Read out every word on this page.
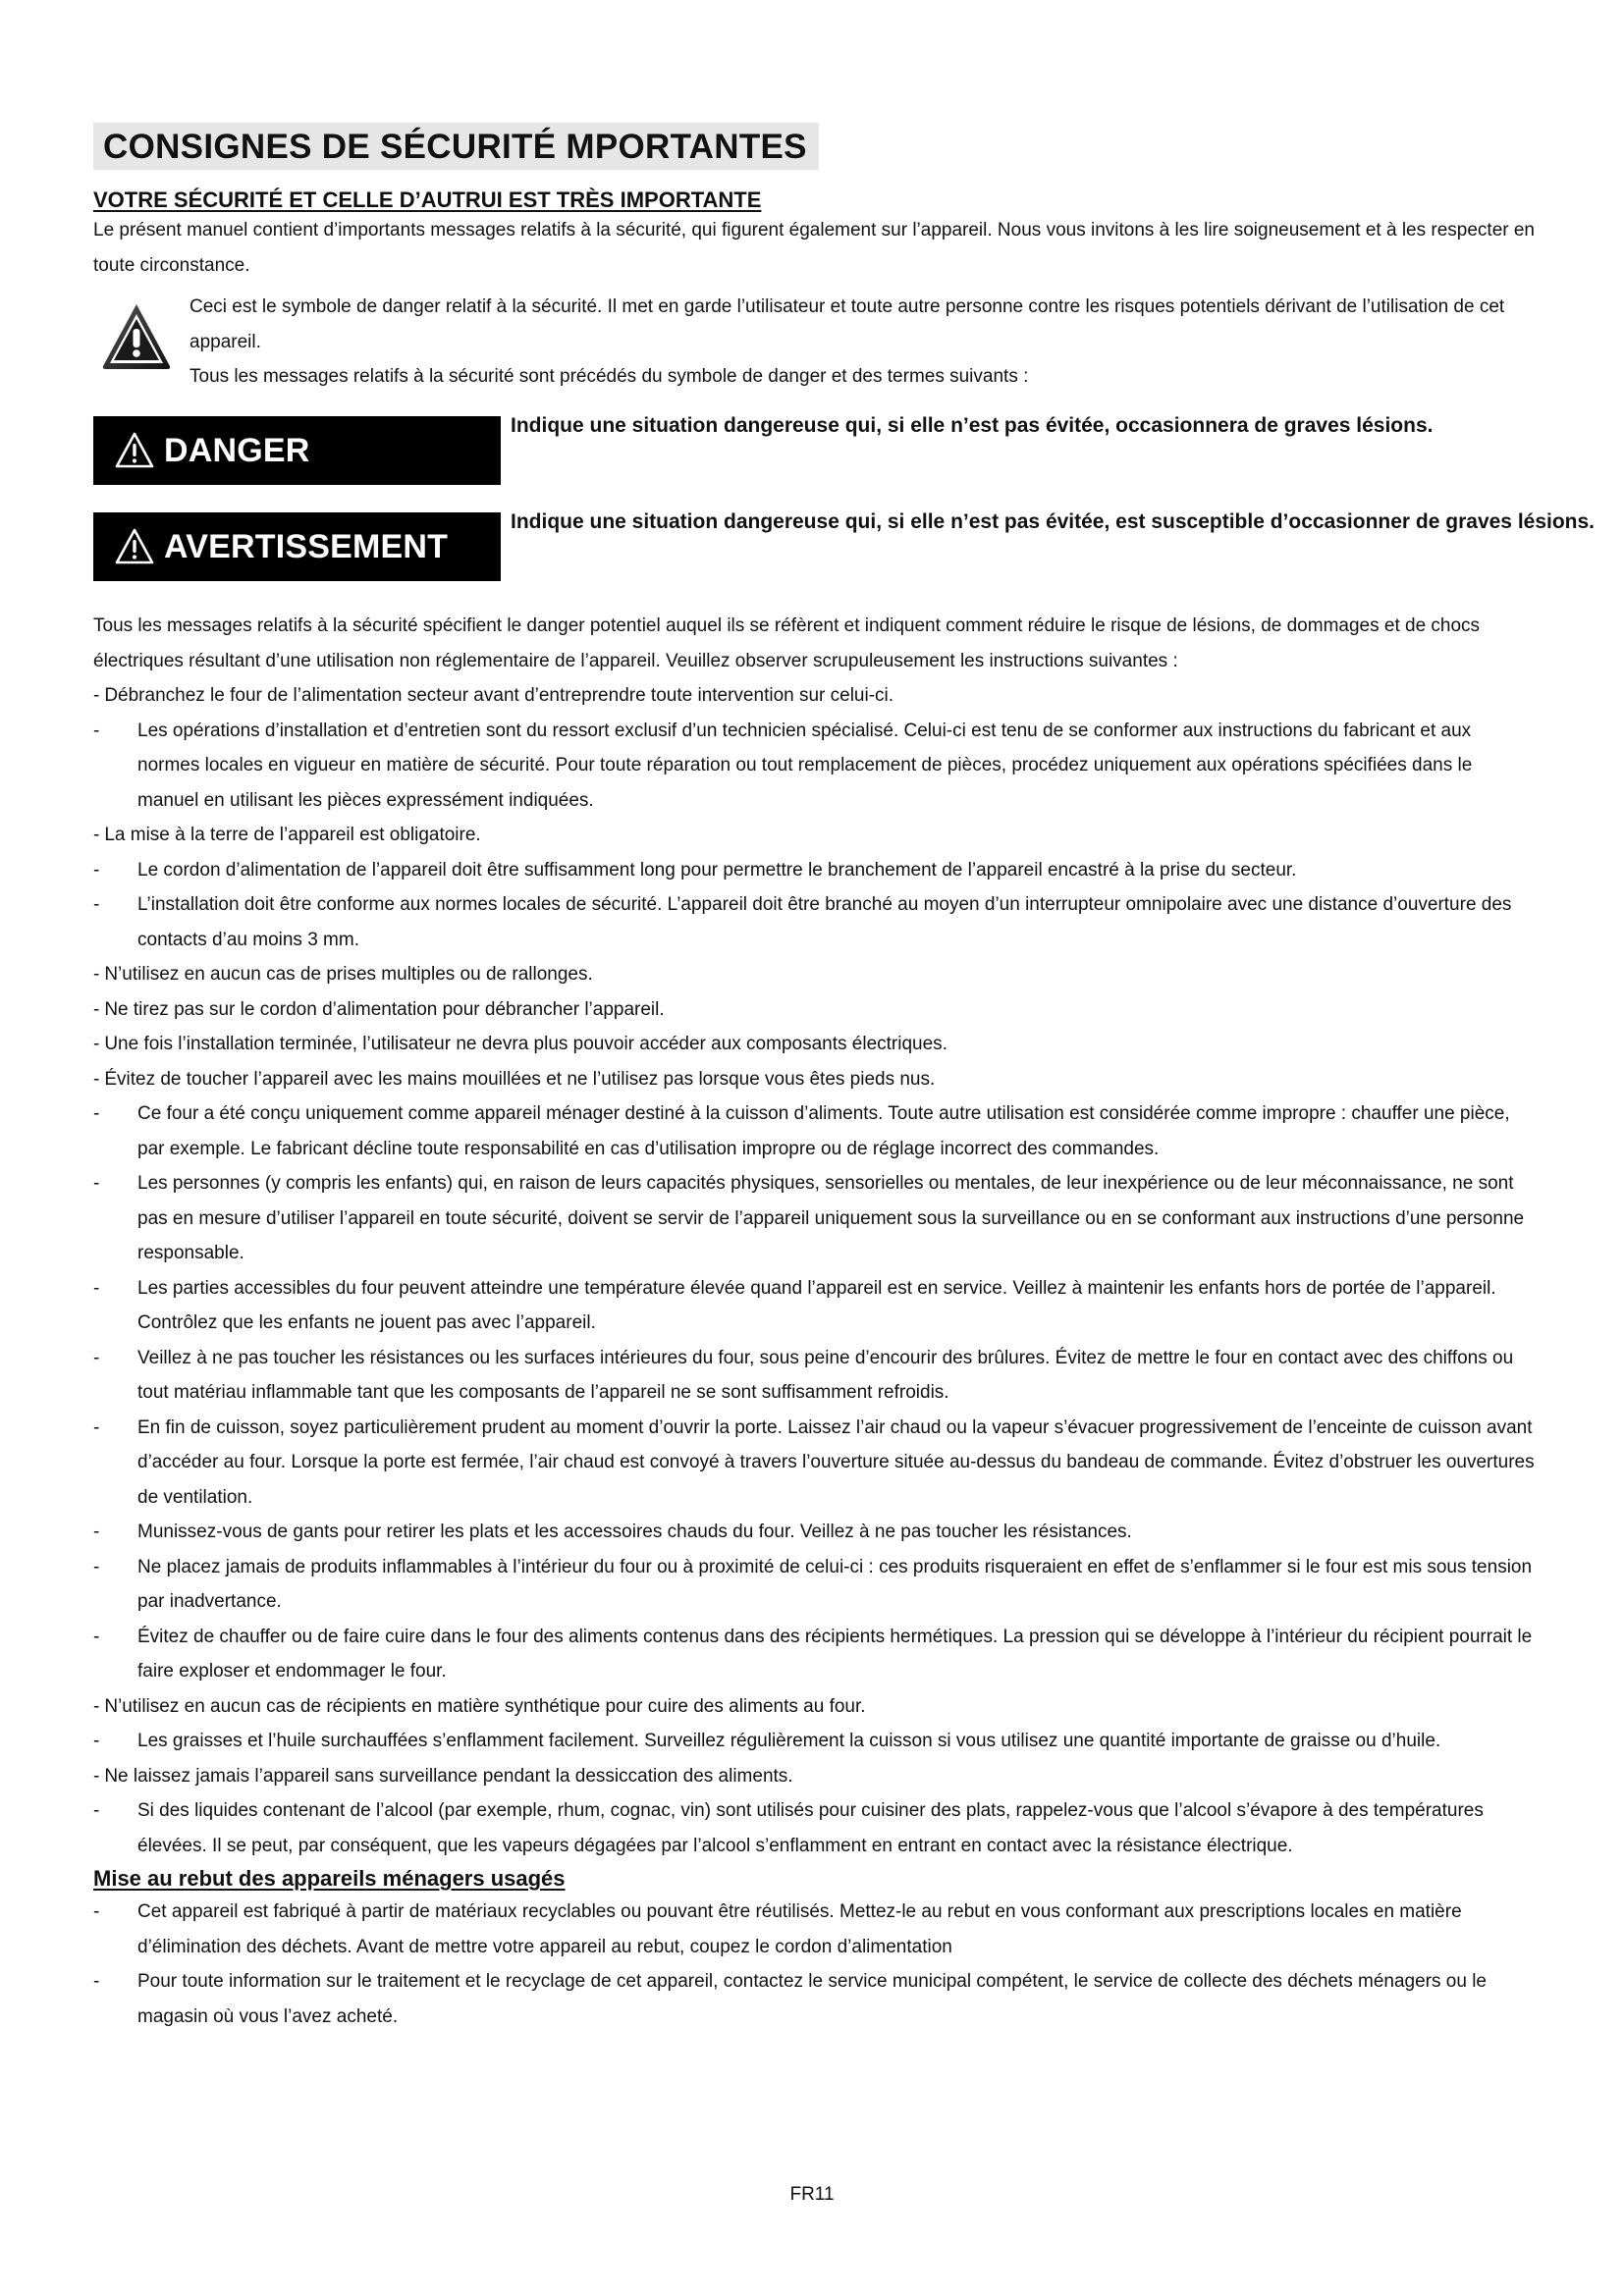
CONSIGNES DE SÉCURITÉ MPORTANTES
VOTRE SÉCURITÉ ET CELLE D’AUTRUI EST TRÈS IMPORTANTE

Le présent manuel contient d’importants messages relatifs à la sécurité, qui figurent également sur l’appareil. Nous vous invitons à les lire soigneusement et à les respecter en toute circonstance.

Ceci est le symbole de danger relatif à la sécurité. Il met en garde l’utilisateur et toute autre personne contre les risques potentiels dérivant de l’utilisation de cet appareil.

Tous les messages relatifs à la sécurité sont précédés du symbole de danger et des termes suivants :

DANGER
Indique une situation dangereuse qui, si elle n’est pas évitée, occasionnera de graves lésions.
AVERTISSEMENT
Indique une situation dangereuse qui, si elle n’est pas évitée, est susceptible d’occasionner de graves lésions.

Tous les messages relatifs à la sécurité spécifient le danger potentiel auquel ils se réfèrent et indiquent comment réduire le risque de lésions, de dommages et de chocs électriques résultant d’une utilisation non réglementaire de l’appareil. Veuillez observer scrupuleusement les instructions suivantes :

- Débranchez le four de l’alimentation secteur avant d’entreprendre toute intervention sur celui-ci.
- Les opérations d’installation et d’entretien sont du ressort exclusif d’un technicien spécialisé. Celui-ci est tenu de se conformer aux instructions du fabricant et aux normes locales en vigueur en matière de sécurité. Pour toute réparation ou tout remplacement de pièces, procédez uniquement aux opérations spécifiées dans le manuel en utilisant les pièces expressément indiquées.
- La mise à la terre de l’appareil est obligatoire.
- Le cordon d’alimentation de l’appareil doit être suffisamment long pour permettre le branchement de l’appareil encastré à la prise du secteur.
- L’installation doit être conforme aux normes locales de sécurité. L’appareil doit être branché au moyen d’un interrupteur omnipolaire avec une distance d’ouverture des contacts d’au moins 3 mm.
- N’utilisez en aucun cas de prises multiples ou de rallonges.
- Ne tirez pas sur le cordon d’alimentation pour débrancher l’appareil.
- Une fois l’installation terminée, l’utilisateur ne devra plus pouvoir accéder aux composants électriques.
- Évitez de toucher l’appareil avec les mains mouillées et ne l’utilisez pas lorsque vous êtes pieds nus.
- Ce four a été conçu uniquement comme appareil ménager destiné à la cuisson d’aliments. Toute autre utilisation est considérée comme impropre : chauffer une pièce, par exemple. Le fabricant décline toute responsabilité en cas d’utilisation impropre ou de réglage incorrect des commandes.
- Les personnes (y compris les enfants) qui, en raison de leurs capacités physiques, sensorielles ou mentales, de leur inexpérience ou de leur méconnaissance, ne sont pas en mesure d’utiliser l’appareil en toute sécurité, doivent se servir de l’appareil uniquement sous la surveillance ou en se conformant aux instructions d’une personne responsable.
- Les parties accessibles du four peuvent atteindre une température élevée quand l’appareil est en service. Veillez à maintenir les enfants hors de portée de l’appareil. Contrôlez que les enfants ne jouent pas avec l’appareil.
- Veillez à ne pas toucher les résistances ou les surfaces intérieures du four, sous peine d’encourir des brûlures. Évitez de mettre le four en contact avec des chiffons ou tout matériau inflammable tant que les composants de l’appareil ne se sont suffisamment refroidis.
- En fin de cuisson, soyez particulièrement prudent au moment d’ouvrir la porte. Laissez l’air chaud ou la vapeur s’évacuer progressivement de l’enceinte de cuisson avant d’accéder au four. Lorsque la porte est fermée, l’air chaud est convoyé à travers l’ouverture située au-dessus du bandeau de commande. Évitez d’obstruer les ouvertures de ventilation.
- Munissez-vous de gants pour retirer les plats et les accessoires chauds du four. Veillez à ne pas toucher les résistances.
- Ne placez jamais de produits inflammables à l’intérieur du four ou à proximité de celui-ci : ces produits risqueraient en effet de s’enflammer si le four est mis sous tension par inadvertance.
- Évitez de chauffer ou de faire cuire dans le four des aliments contenus dans des récipients hermétiques. La pression qui se développe à l’intérieur du récipient pourrait le faire exploser et endommager le four.
- N’utilisez en aucun cas de récipients en matière synthétique pour cuire des aliments au four.
- Les graisses et l’huile surchauffées s’enflamment facilement. Surveillez régulièrement la cuisson si vous utilisez une quantité importante de graisse ou d’huile.
- Ne laissez jamais l’appareil sans surveillance pendant la dessiccation des aliments.
- Si des liquides contenant de l’alcool (par exemple, rhum, cognac, vin) sont utilisés pour cuisiner des plats, rappelez-vous que l’alcool s’évapore à des températures élevées. Il se peut, par conséquent, que les vapeurs dégagées par l’alcool s’enflamment en entrant en contact avec la résistance électrique.
Mise au rebut des appareils ménagers usagés
- Cet appareil est fabriqué à partir de matériaux recyclables ou pouvant être réutilisés. Mettez-le au rebut en vous conformant aux prescriptions locales en matière d’élimination des déchets. Avant de mettre votre appareil au rebut, coupez le cordon d’alimentation
- Pour toute information sur le traitement et le recyclage de cet appareil, contactez le service municipal compétent, le service de collecte des déchets ménagers ou le magasin où vous l’avez acheté.
FR11
